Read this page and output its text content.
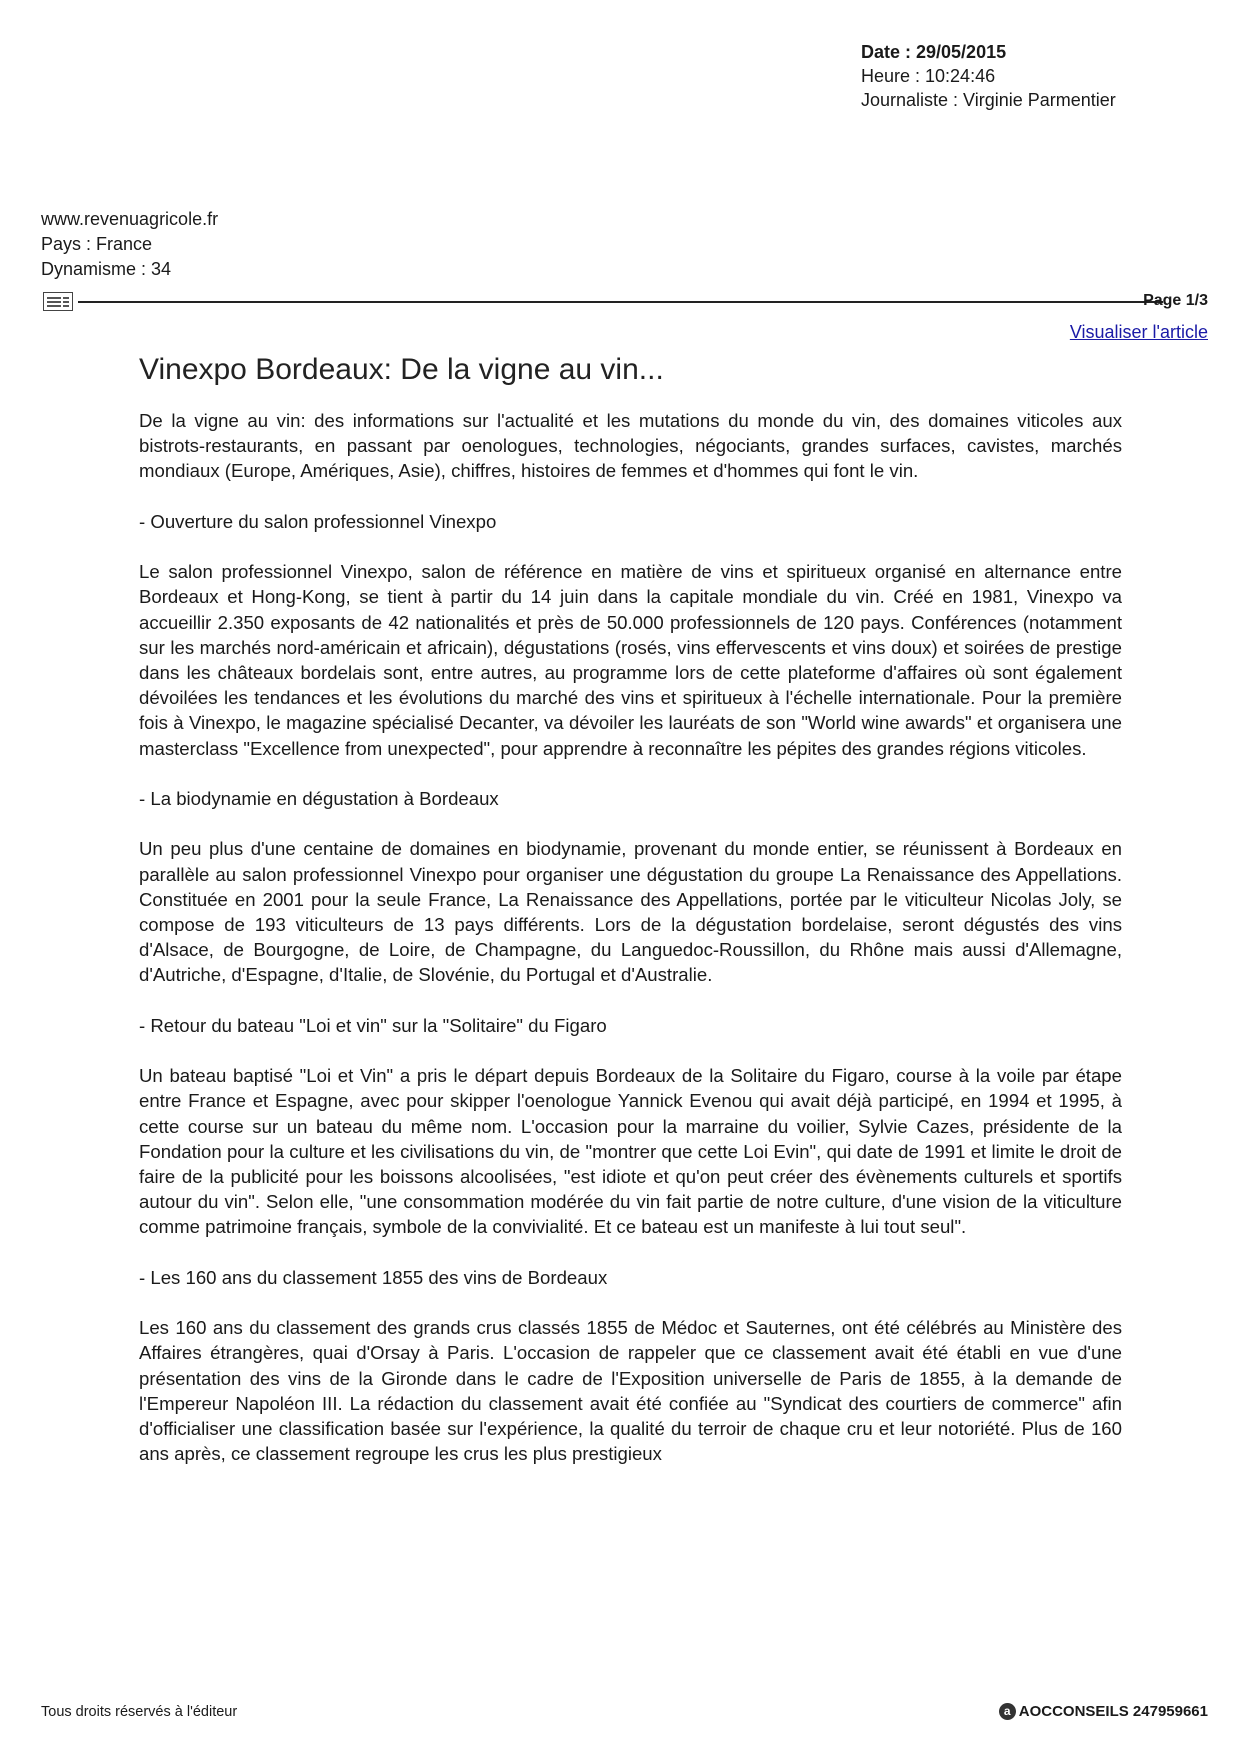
Date : 29/05/2015
Heure : 10:24:46
Journaliste : Virginie Parmentier
www.revenuagricole.fr
Pays : France
Dynamisme : 34
Page 1/3
Visualiser l'article
Vinexpo Bordeaux: De la vigne au vin...

De la vigne au vin: des informations sur l'actualité et les mutations du monde du vin, des domaines viticoles aux bistrots-restaurants, en passant par oenologues, technologies, négociants, grandes surfaces, cavistes, marchés mondiaux (Europe, Amériques, Asie), chiffres, histoires de femmes et d'hommes qui font le vin.

- Ouverture du salon professionnel Vinexpo

Le salon professionnel Vinexpo, salon de référence en matière de vins et spiritueux organisé en alternance entre Bordeaux et Hong-Kong, se tient à partir du 14 juin dans la capitale mondiale du vin. Créé en 1981, Vinexpo va accueillir 2.350 exposants de 42 nationalités et près de 50.000 professionnels de 120 pays. Conférences (notamment sur les marchés nord-américain et africain), dégustations (rosés, vins effervescents et vins doux) et soirées de prestige dans les châteaux bordelais sont, entre autres, au programme lors de cette plateforme d'affaires où sont également dévoilées les tendances et les évolutions du marché des vins et spiritueux à l'échelle internationale. Pour la première fois à Vinexpo, le magazine spécialisé Decanter, va dévoiler les lauréats de son "World wine awards" et organisera une masterclass "Excellence from unexpected", pour apprendre à reconnaître les pépites des grandes régions viticoles.

- La biodynamie en dégustation à Bordeaux

Un peu plus d'une centaine de domaines en biodynamie, provenant du monde entier, se réunissent à Bordeaux en parallèle au salon professionnel Vinexpo pour organiser une dégustation du groupe La Renaissance des Appellations. Constituée en 2001 pour la seule France, La Renaissance des Appellations, portée par le viticulteur Nicolas Joly, se compose de 193 viticulteurs de 13 pays différents. Lors de la dégustation bordelaise, seront dégustés des vins d'Alsace, de Bourgogne, de Loire, de Champagne, du Languedoc-Roussillon, du Rhône mais aussi d'Allemagne, d'Autriche, d'Espagne, d'Italie, de Slovénie, du Portugal et d'Australie.

- Retour du bateau "Loi et vin" sur la "Solitaire" du Figaro

Un bateau baptisé "Loi et Vin" a pris le départ depuis Bordeaux de la Solitaire du Figaro, course à la voile par étape entre France et Espagne, avec pour skipper l'oenologue Yannick Evenou qui avait déjà participé, en 1994 et 1995, à cette course sur un bateau du même nom. L'occasion pour la marraine du voilier, Sylvie Cazes, présidente de la Fondation pour la culture et les civilisations du vin, de "montrer que cette Loi Evin", qui date de 1991 et limite le droit de faire de la publicité pour les boissons alcoolisées, "est idiote et qu'on peut créer des évènements culturels et sportifs autour du vin". Selon elle, "une consommation modérée du vin fait partie de notre culture, d'une vision de la viticulture comme patrimoine français, symbole de la convivialité. Et ce bateau est un manifeste à lui tout seul".

- Les 160 ans du classement 1855 des vins de Bordeaux

Les 160 ans du classement des grands crus classés 1855 de Médoc et Sauternes, ont été célébrés au Ministère des Affaires étrangères, quai d'Orsay à Paris. L'occasion de rappeler que ce classement avait été établi en vue d'une présentation des vins de la Gironde dans le cadre de l'Exposition universelle de Paris de 1855, à la demande de l'Empereur Napoléon III. La rédaction du classement avait été confiée au "Syndicat des courtiers de commerce" afin d'officialiser une classification basée sur l'expérience, la qualité du terroir de chaque cru et leur notoriété. Plus de 160 ans après, ce classement regroupe les crus les plus prestigieux

Tous droits réservés à l'éditeur	a AOCCONSEILS 247959661
